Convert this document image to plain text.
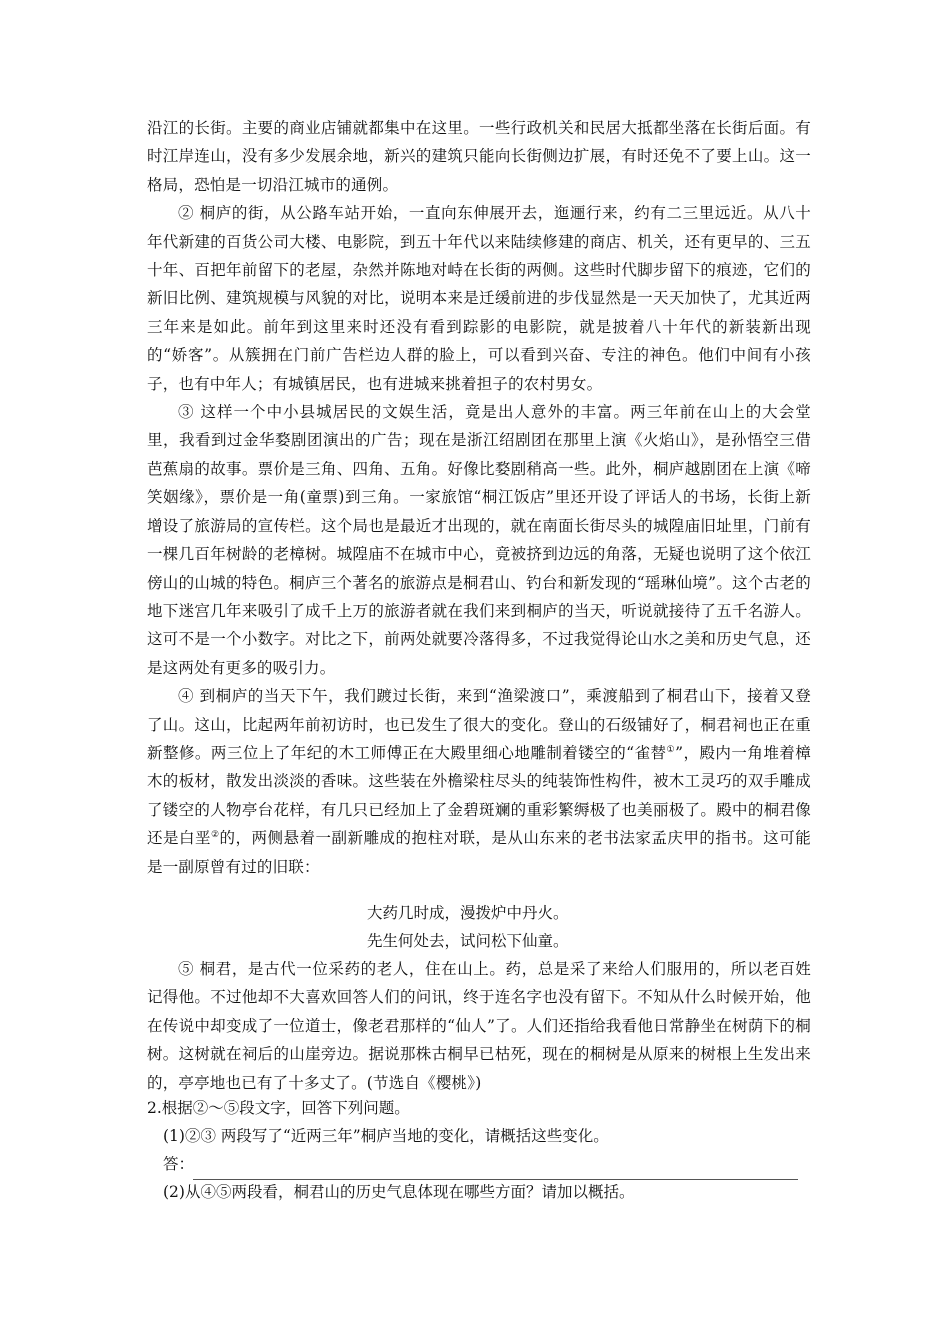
沿江的长街。主要的商业店铺就都集中在这里。一些行政机关和民居大抵都坐落在长街后面。有时江岸连山，没有多少发展余地，新兴的建筑只能向长街侧边扩展，有时还免不了要上山。这一格局，恐怕是一切沿江城市的通例。

② 桐庐的街，从公路车站开始，一直向东伸展开去，迤逦行来，约有二三里远近。从八十年代新建的百货公司大楼、电影院，到五十年代以来陆续修建的商店、机关，还有更早的、三五十年、百把年前留下的老屋，杂然并陈地对峙在长街的两侧。这些时代脚步留下的痕迹，它们的新旧比例、建筑规模与风貌的对比，说明本来是迁缓前进的步伐显然是一天天加快了，尤其近两三年来是如此。前年到这里来时还没有看到踪影的电影院，就是披着八十年代的新装新出现的“娇客”。从簇拥在门前广告栏边人群的脸上，可以看到兴奋、专注的神色。他们中间有小孩子，也有中年人；有城镇居民，也有进城来挑着担子的农村男女。

③ 这样一个中小县城居民的文娱生活，竟是出人意外的丰富。两三年前在山上的大会堂里，我看到过金华婺剧团演出的广告；现在是浙江绍剧团在那里上演《火焰山》，是孙悟空三借芭蕉扇的故事。票价是三角、四角、五角。好像比婺剧稍高一些。此外，桐庐越剧团在上演《啼笑姻缘》，票价是一角(童票)到三角。一家旅馆“桐江饭店”里还开设了评话人的书场，长街上新增设了旅游局的宣传栏。这个局也是最近才出现的，就在南面长街尽头的城隍庙旧址里，门前有一棵几百年树龄的老樟树。城隍庙不在城市中心，竟被挤到边远的角落，无疑也说明了这个依江傍山的山城的特色。桐庐三个著名的旅游点是桐君山、钓台和新发现的“瑶琳仙境”。这个古老的地下迷宫几年来吸引了成千上万的旅游者就在我们来到桐庐的当天，听说就接待了五千名游人。这可不是一个小数字。对比之下，前两处就要冷落得多，不过我觉得论山水之美和历史气息，还是这两处有更多的吸引力。

④ 到桐庐的当天下午，我们踱过长街，来到“渔梁渡口”，乘渡船到了桐君山下，接着又登了山。这山，比起两年前初访时，也已发生了很大的变化。登山的石级铺好了，桐君祠也正在重新整修。两三位上了年纪的木工师傅正在大殿里细心地雕制着镂空的“雀替①”，殿内一角堆着樟木的板材，散发出淡淡的香味。这些装在外檐梁柱尽头的纯装饰性构件，被木工灵巧的双手雕成了镂空的人物亭台花样，有几只已经加上了金碧斑斓的重彩繁缛极了也美丽极了。殿中的桐君像还是白垩②的，两侧悬着一副新雕成的抱柱对联，是从山东来的老书法家孟庆甲的指书。这可能是一副原曾有过的旧联：

大药几时成，漫拨炉中丹火。

先生何处去，试问松下仙童。

⑤ 桐君，是古代一位采药的老人，住在山上。药，总是采了来给人们服用的，所以老百姓记得他。不过他却不大喜欢回答人们的问讯，终于连名字也没有留下。不知从什么时候开始，他在传说中却变成了一位道士，像老君那样的“仙人”了。人们还指给我看他日常静坐在树荫下的桐树。这树就在祠后的山崖旁边。据说那株古桐早已枯死，现在的桐树是从原来的树根上生发出来的，亭亭地也已有了十多丈了。(节选自《樱桃》)

2.根据②～⑤段文字，回答下列问题。

(1)②③ 两段写了“近两三年”桐庐当地的变化，请概括这些变化。

答：

(2)从④⑤两段看，桐君山的历史气息体现在哪些方面？请加以概括。
